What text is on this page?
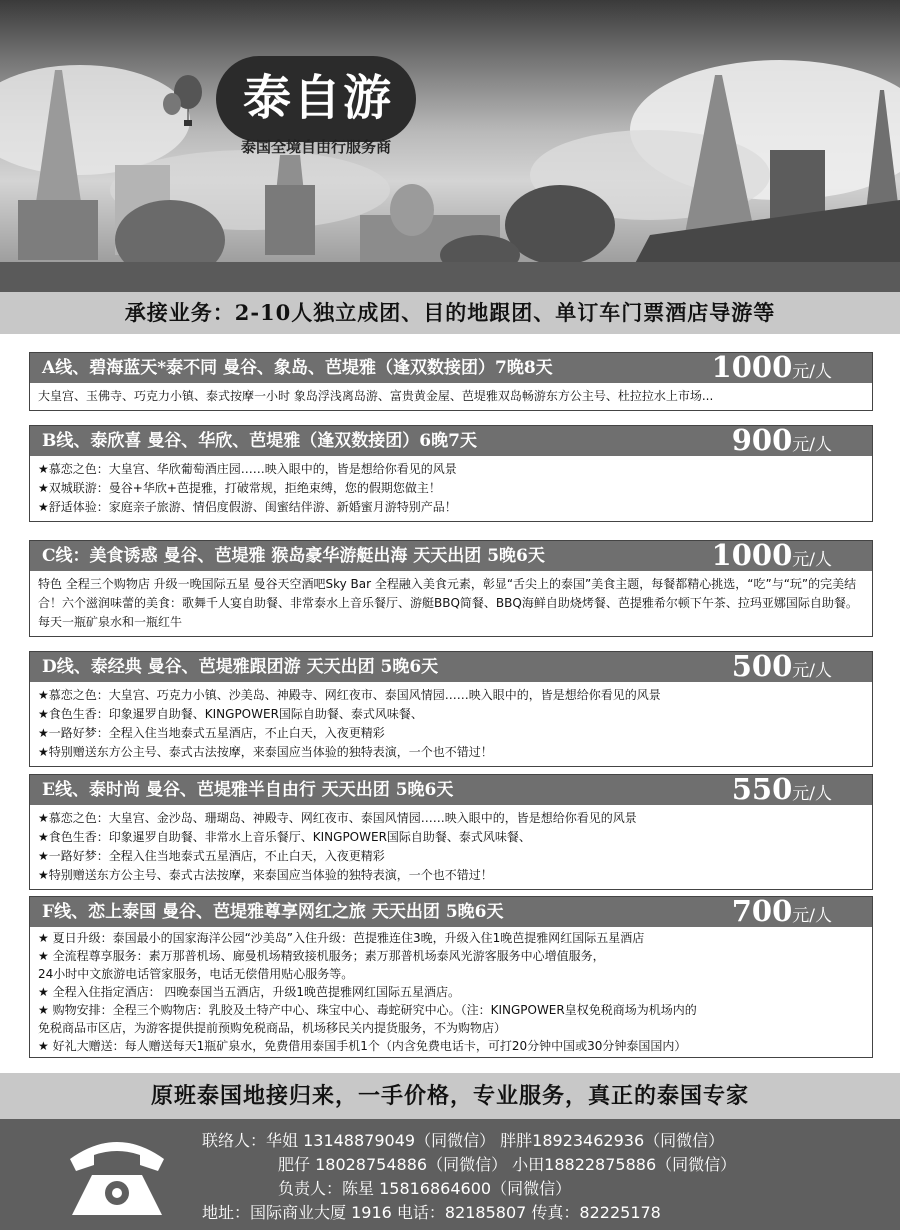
泰自游
泰国全境自由行服务商
承接业务：2-10人独立成团、目的地跟团、单订车门票酒店导游等
A线、碧海蓝天*泰不同 曼谷、象岛、芭堤雅（逢双数接团）7晚8天	1000元/人
大皇宫、玉佛寺、巧克力小镇、泰式按摩一小时 象岛浮浅离岛游、富贵黄金屋、芭堤雅双岛畅游东方公主号、杜拉拉水上市场...
B线、泰欣喜 曼谷、华欣、芭堤雅（逢双数接团）6晚7天	900元/人
★慕恋之色：大皇宫、华欣葡萄酒庄园……映入眼中的，皆是想给你看见的风景
★双城联游：曼谷+华欣+芭提雅，打破常规，拒绝束缚，您的假期您做主！
★舒适体验：家庭亲子旅游、情侣度假游、闺蜜结伴游、新婚蜜月游特别产品！
C线：美食诱惑 曼谷、芭堤雅 猴岛豪华游艇出海 天天出团 5晚6天	1000元/人
特色 全程三个购物店 升级一晚国际五星 曼谷天空酒吧Sky Bar 全程融入美食元素，彰显“舌尖上的泰国”美食主题，每餐都精心挑选，“吃”与“玩”的完美结合！六个滋润味蕾的美食：歌舞千人宴自助餐、非常泰水上音乐餐厅、游艇BBQ简餐、BBQ海鲜自助烧烤餐、芭提雅希尔顿下午茶、拉玛亚娜国际自助餐。 每天一瓶矿泉水和一瓶红牛
D线、泰经典 曼谷、芭堤雅跟团游 天天出团 5晚6天	500元/人
★慕恋之色：大皇宫、巧克力小镇、沙美岛、神殿寺、网红夜市、泰国风情园……映入眼中的，皆是想给你看见的风景
★食色生香：印象暹罗自助餐、KINGPOWER国际自助餐、泰式风味餐、
★一路好梦：全程入住当地泰式五星酒店，不止白天，入夜更精彩
★特别赠送东方公主号、泰式古法按摩，来泰国应当体验的独特表演，一个也不错过！
E线、泰时尚 曼谷、芭堤雅半自由行 天天出团 5晚6天	550元/人
★慕恋之色：大皇宫、金沙岛、珊瑚岛、神殿寺、网红夜市、泰国风情园……映入眼中的，皆是想给你看见的风景
★食色生香：印象暹罗自助餐、非常水上音乐餐厅、KINGPOWER国际自助餐、泰式风味餐、
★一路好梦：全程入住当地泰式五星酒店，不止白天，入夜更精彩
★特别赠送东方公主号、泰式古法按摩，来泰国应当体验的独特表演，一个也不错过！
F线、恋上泰国 曼谷、芭堤雅尊享网红之旅 天天出团 5晚6天	700元/人
★ 夏日升级：泰国最小的国家海洋公园“沙美岛”入住升级：芭提雅连住3晚，升级入住1晚芭提雅网红国际五星酒店
★ 全流程尊享服务：素万那普机场、廊曼机场精致接机服务；素万那普机场泰风光游客服务中心增值服务，
24小时中文旅游电话管家服务，电话无偿借用贴心服务等。
★ 全程入住指定酒店： 四晚泰国当五酒店，升级1晚芭提雅网红国际五星酒店。
★ 购物安排：全程三个购物店：乳胶及土特产中心、珠宝中心、毒蛇研究中心。（注：KINGPOWER皇权免税商场为机场内的
免税商品市区店，为游客提供提前预购免税商品，机场移民关内提货服务，不为购物店）
★ 好礼大赠送：每人赠送每天1瓶矿泉水，免费借用泰国手机1个（内含免费电话卡，可打20分钟中国或30分钟泰国国内）
原班泰国地接归来，一手价格，专业服务，真正的泰国专家
联络人：华姐 13148879049（同微信） 胖胖18923462936（同微信）
肥仔 18028754886（同微信） 小田18822875886（同微信）
负责人：陈星 15816864600（同微信）
地址：国际商业大厦 1916 电话：82185807 传真：82225178
